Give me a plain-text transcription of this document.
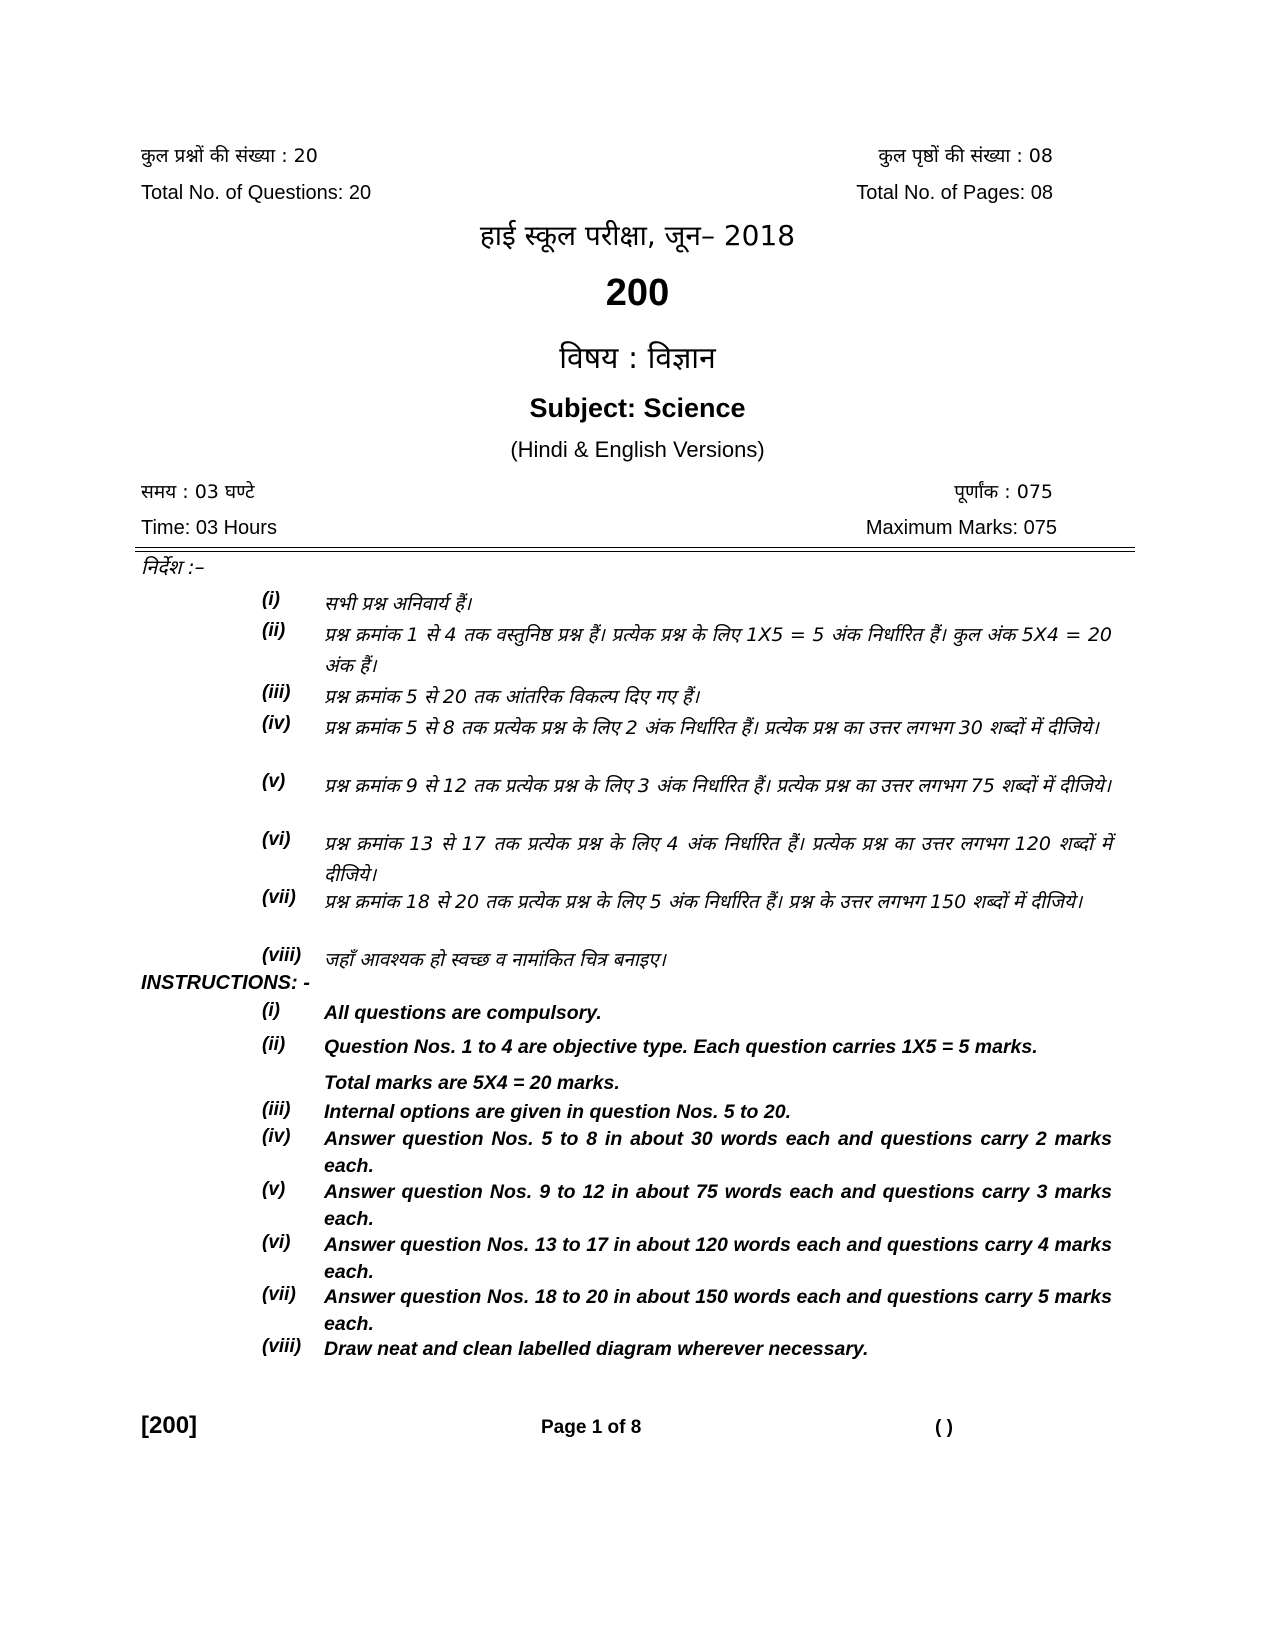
कुल प्रश्नों की संख्या : 20	कुल पृष्ठों की संख्या : 08
Total No. of Questions: 20	Total No. of Pages: 08
हाई स्कूल परीक्षा, जून– 2018
200
विषय : विज्ञान
Subject: Science
(Hindi & English Versions)
समय : 03 घण्टे	पूर्णांक : 075
Time: 03 Hours	Maximum Marks: 075
निर्देश :–
(i)	सभी प्रश्न अनिवार्य हैं।
(ii)	प्रश्न क्रमांक 1 से 4 तक वस्तुनिष्ठ प्रश्न हैं। प्रत्येक प्रश्न के लिए 1X5 = 5 अंक निर्धारित हैं। कुल अंक 5X4 = 20 अंक हैं।
(iii)	प्रश्न क्रमांक 5 से 20 तक आंतरिक विकल्प दिए गए हैं।
(iv)	प्रश्न क्रमांक 5 से 8 तक प्रत्येक प्रश्न के लिए 2 अंक निर्धारित हैं। प्रत्येक प्रश्न का उत्तर लगभग 30 शब्दों में दीजिये।
(v)	प्रश्न क्रमांक 9 से 12 तक प्रत्येक प्रश्न के लिए 3 अंक निर्धारित हैं। प्रत्येक प्रश्न का उत्तर लगभग 75 शब्दों में दीजिये।
(vi)	प्रश्न क्रमांक 13 से 17 तक प्रत्येक प्रश्न के लिए 4 अंक निर्धारित हैं। प्रत्येक प्रश्न का उत्तर लगभग 120 शब्दों में दीजिये।
(vii)	प्रश्न क्रमांक 18 से 20 तक प्रत्येक प्रश्न के लिए 5 अंक निर्धारित हैं। प्रश्न के उत्तर लगभग 150 शब्दों में दीजिये।
(viii)	जहाँ आवश्यक हो स्वच्छ व नामांकित चित्र बनाइए।
INSTRUCTIONS: -
(i)	All questions are compulsory.
(ii)	Question Nos. 1 to 4 are objective type. Each question carries 1X5 = 5 marks.
Total marks are 5X4 = 20 marks.
(iii)	Internal options are given in question Nos. 5 to 20.
(iv)	Answer question Nos. 5 to 8 in about 30 words each and questions carry 2 marks each.
(v)	Answer question Nos. 9 to 12 in about 75 words each and questions carry 3 marks each.
(vi)	Answer question Nos. 13 to 17 in about 120 words each and questions carry 4 marks each.
(vii)	Answer question Nos. 18 to 20 in about 150 words each and questions carry 5 marks each.
(viii)	Draw neat and clean labelled diagram wherever necessary.
[200]	Page 1 of 8	( )
